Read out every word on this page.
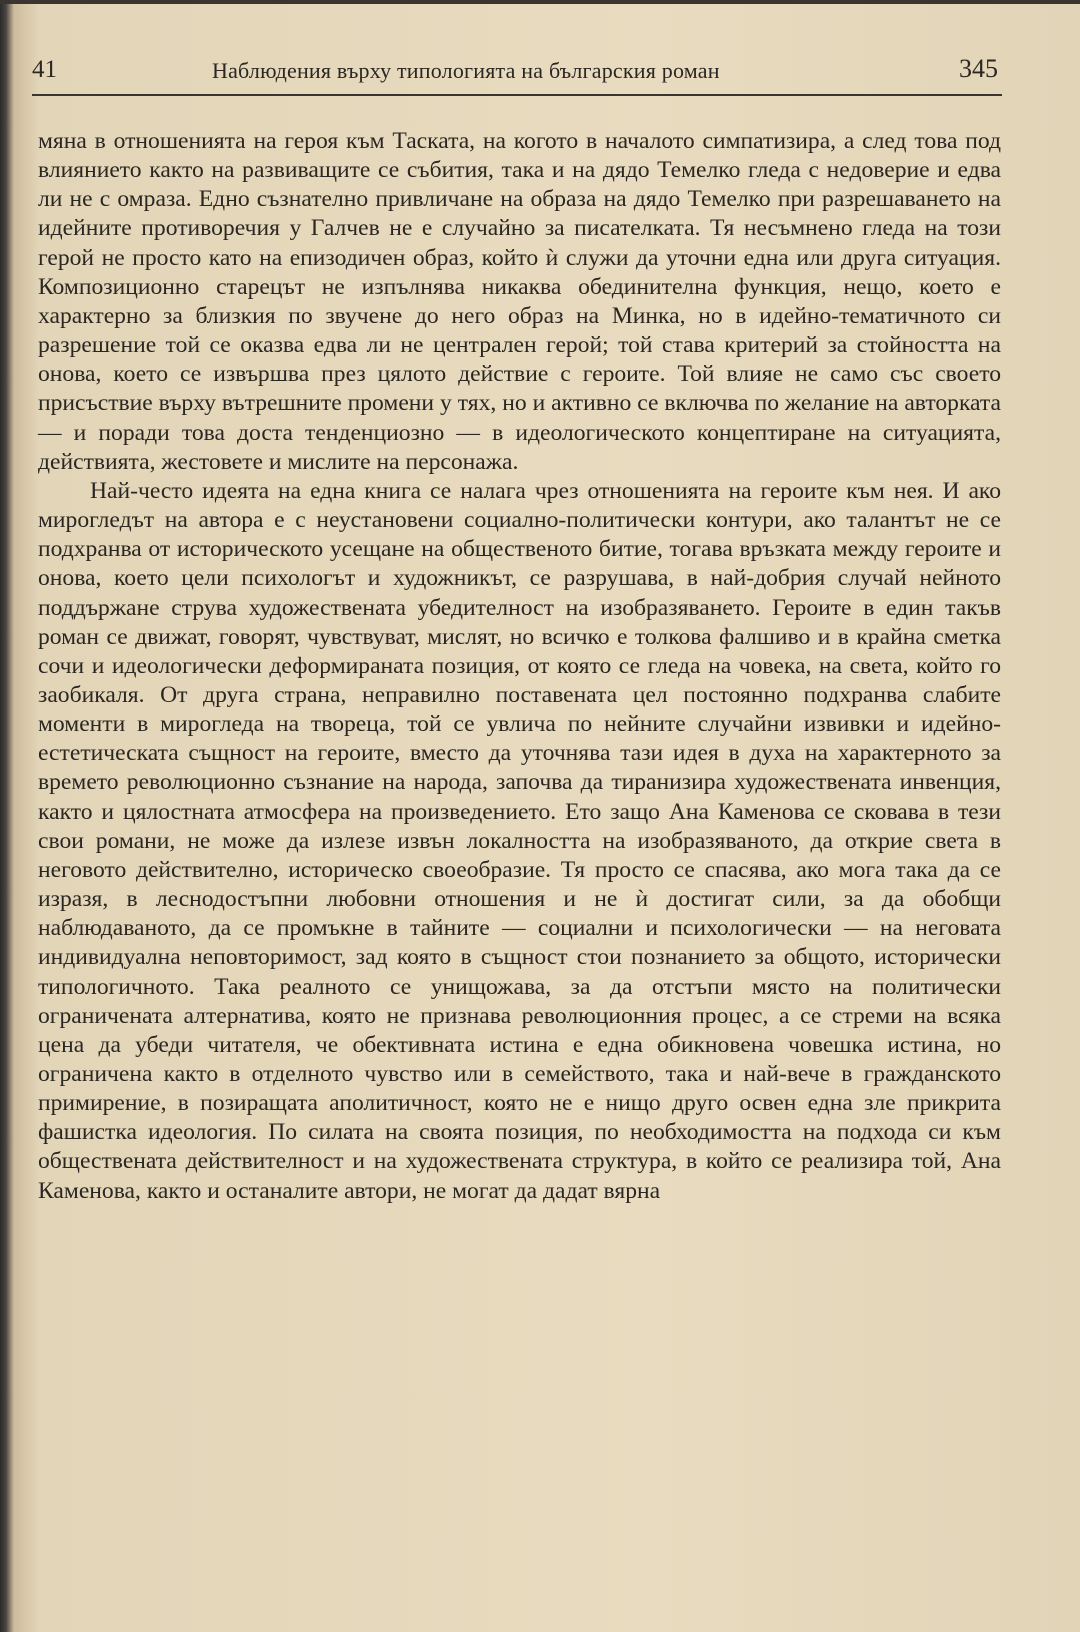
41	Наблюдения върху типологията на българския роман	345

мяна в отношенията на героя към Таската, на когото в началото симпатизира, а след това под влиянието както на развиващите се събития, така и на дядо Темелко гледа с недоверие и едва ли не с омраза. Едно съзнателно привличане на образа на дядо Темелко при разрешаването на идейните противоречия у Галчев не е случайно за писателката. Тя несъмнено гледа на този герой не просто като на епизодичен образ, който ѝ служи да уточни една или друга ситуация. Композиционно старецът не изпълнява никаква обединителна функция, нещо, което е характерно за близкия по звучене до него образ на Минка, но в идейно-тематичното си разрешение той се оказва едва ли не централен герой; той става критерий за стойността на онова, което се извършва през цялото действие с героите. Той влияе не само със своето присъствие върху вътрешните промени у тях, но и активно се включва по желание на авторката — и поради това доста тенденциозно — в идеологическото концептиране на ситуацията, действията, жестовете и мислите на персонажа.

Най-често идеята на една книга се налага чрез отношенията на героите към нея. И ако мирогледът на автора е с неустановени социално-политически контури, ако талантът не се подхранва от историческото усещане на общественото битие, тогава връзката между героите и онова, което цели психологът и художникът, се разрушава, в най-добрия случай нейното поддържане струва художествената убедителност на изобразяването. Героите в един такъв роман се движат, говорят, чувствуват, мислят, но всичко е толкова фалшиво и в крайна сметка сочи и идеологически деформираната позиция, от която се гледа на човека, на света, който го заобикаля. От друга страна, неправилно поставената цел постоянно подхранва слабите моменти в мирогледа на твореца, той се увлича по нейните случайни извивки и идейно-естетическата същност на героите, вместо да уточнява тази идея в духа на характерното за времето революционно съзнание на народа, започва да тиранизира художествената инвенция, както и цялостната атмосфера на произведението. Ето защо Ана Каменова се сковава в тези свои романи, не може да излезе извън локалността на изобразяваното, да открие света в неговото действително, историческо своеобразие. Тя просто се спасява, ако мога така да се изразя, в леснодостъпни любовни отношения и не ѝ достигат сили, за да обобщи наблюдаваното, да се промъкне в тайните — социални и психологически — на неговата индивидуална неповторимост, зад която в същност стои познанието за общото, исторически типологичното. Така реалното се унищожава, за да отстъпи място на политически ограничената алтернатива, която не признава революционния процес, а се стреми на всяка цена да убеди читателя, че обективната истина е една обикновена човешка истина, но ограничена както в отделното чувство или в семейството, така и най-вече в гражданското примирение, в позиращата аполитичност, която не е нищо друго освен една зле прикрита фашистка идеология. По силата на своята позиция, по необходимостта на подхода си към обществената действителност и на художествената структура, в който се реализира той, Ана Каменова, както и останалите автори, не могат да дадат вярна
